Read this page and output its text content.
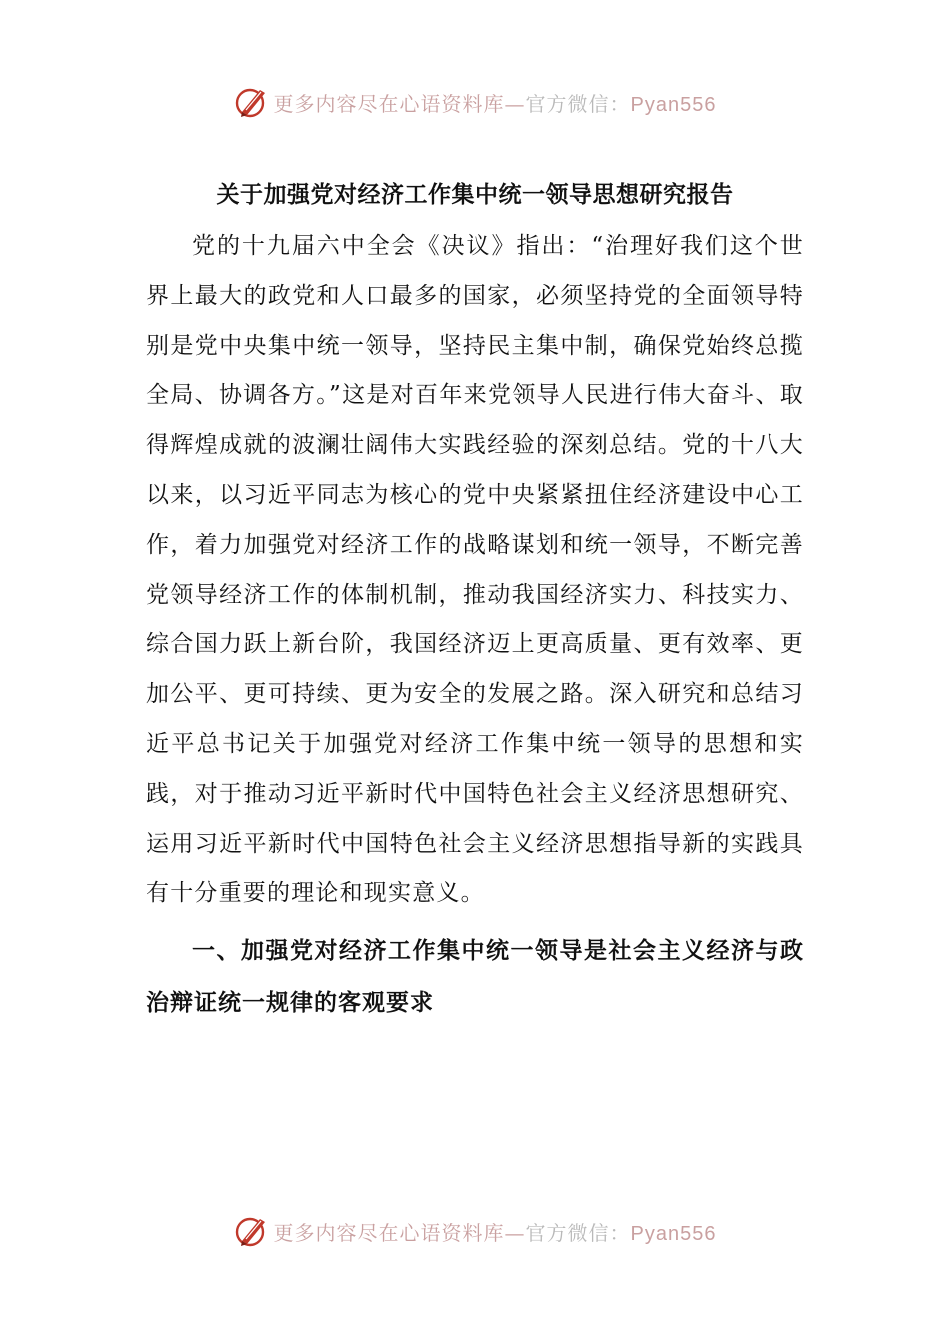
更多内容尽在心语资料库—官方微信：Pyan556
关于加强党对经济工作集中统一领导思想研究报告

党的十九届六中全会《决议》指出：“治理好我们这个世界上最大的政党和人口最多的国家，必须坚持党的全面领导特别是党中央集中统一领导，坚持民主集中制，确保党始终总揽全局、协调各方。”这是对百年来党领导人民进行伟大奋斗、取得辉煌成就的波澜壮阔伟大实践经验的深刻总结。党的十八大以来，以习近平同志为核心的党中央紧紧扭住经济建设中心工作，着力加强党对经济工作的战略谋划和统一领导，不断完善党领导经济工作的体制机制，推动我国经济实力、科技实力、综合国力跃上新台阶，我国经济迈上更高质量、更有效率、更加公平、更可持续、更为安全的发展之路。深入研究和总结习近平总书记关于加强党对经济工作集中统一领导的思想和实践，对于推动习近平新时代中国特色社会主义经济思想研究、运用习近平新时代中国特色社会主义经济思想指导新的实践具有十分重要的理论和现实意义。

一、加强党对经济工作集中统一领导是社会主义经济与政治辩证统一规律的客观要求
更多内容尽在心语资料库—官方微信：Pyan556
